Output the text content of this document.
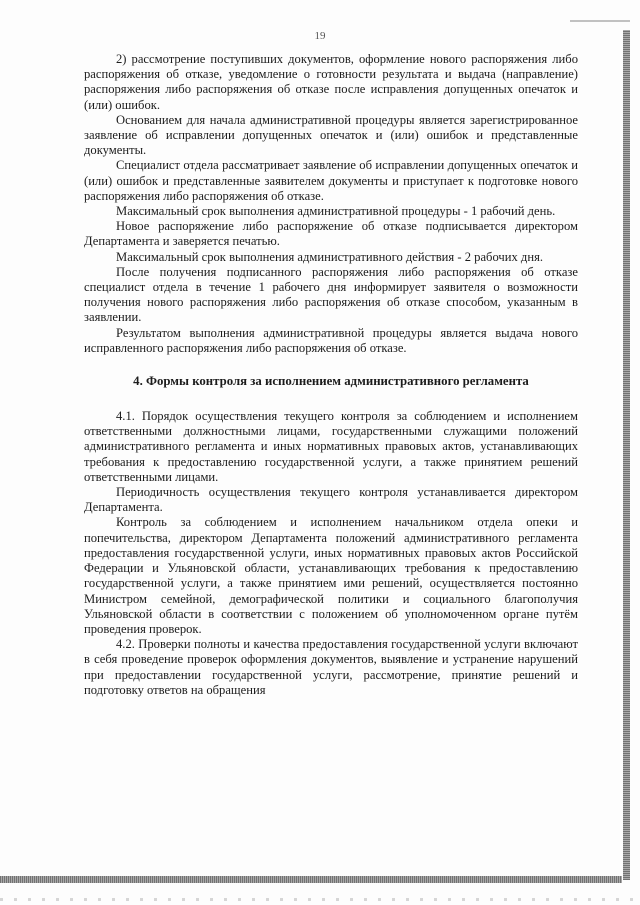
19

2) рассмотрение поступивших документов, оформление нового распоряжения либо распоряжения об отказе, уведомление о готовности результата и выдача (направление) распоряжения либо распоряжения об отказе после исправления допущенных опечаток и (или) ошибок.

Основанием для начала административной процедуры является зарегистрированное заявление об исправлении допущенных опечаток и (или) ошибок и представленные документы.

Специалист отдела рассматривает заявление об исправлении допущенных опечаток и (или) ошибок и представленные заявителем документы и приступает к подготовке нового распоряжения либо распоряжения об отказе.

Максимальный срок выполнения административной процедуры - 1 рабочий день.

Новое распоряжение либо распоряжение об отказе подписывается директором Департамента и заверяется печатью.

Максимальный срок выполнения административного действия - 2 рабочих дня.

После получения подписанного распоряжения либо распоряжения об отказе специалист отдела в течение 1 рабочего дня информирует заявителя о возможности получения нового распоряжения либо распоряжения об отказе способом, указанным в заявлении.

Результатом выполнения административной процедуры является выдача нового исправленного распоряжения либо распоряжения об отказе.

4. Формы контроля за исполнением административного регламента

4.1. Порядок осуществления текущего контроля за соблюдением и исполнением ответственными должностными лицами, государственными служащими положений административного регламента и иных нормативных правовых актов, устанавливающих требования к предоставлению государственной услуги, а также принятием решений ответственными лицами.

Периодичность осуществления текущего контроля устанавливается директором Департамента.

Контроль за соблюдением и исполнением начальником отдела опеки и попечительства, директором Департамента положений административного регламента предоставления государственной услуги, иных нормативных правовых актов Российской Федерации и Ульяновской области, устанавливающих требования к предоставлению государственной услуги, а также принятием ими решений, осуществляется постоянно Министром семейной, демографической политики и социального благополучия Ульяновской области в соответствии с положением об уполномоченном органе путём проведения проверок.

4.2. Проверки полноты и качества предоставления государственной услуги включают в себя проведение проверок оформления документов, выявление и устранение нарушений при предоставлении государственной услуги, рассмотрение, принятие решений и подготовку ответов на обращения
